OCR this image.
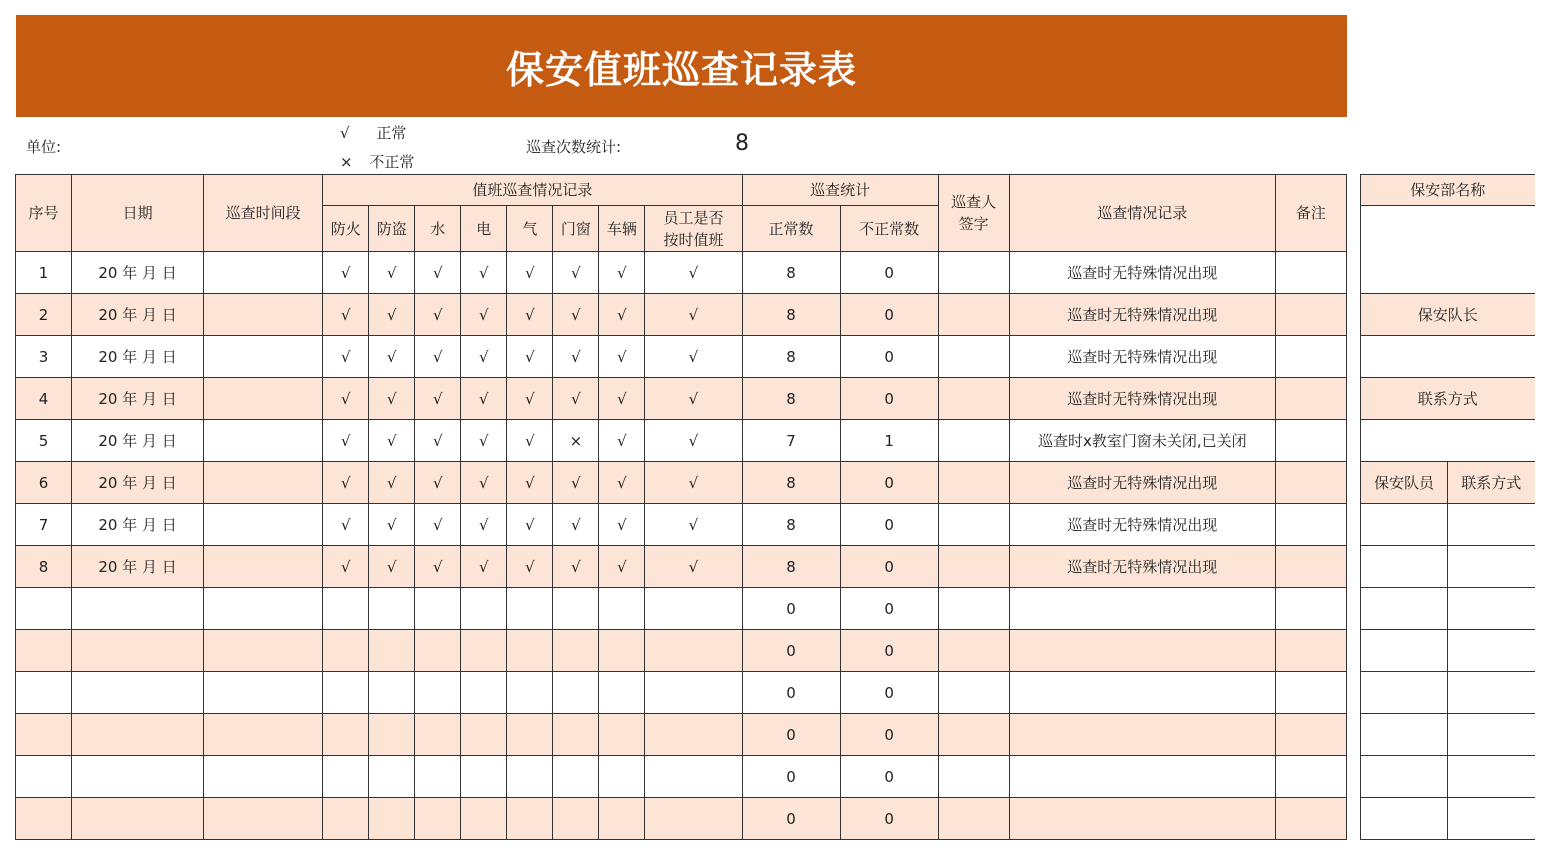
保安值班巡查记录表
单位:
√ 正常
× 不正常
巡查次数统计:	8
序号	日期	巡查时间段	值班巡查情况记录								巡查统计		巡查人签字	巡查情况记录	备注
			防火	防盗	水	电	气	门窗	车辆	员工是否按时值班	正常数	不正常数			
1	20 年 月 日		√	√	√	√	√	√	√	√	8	0		巡查时无特殊情况出现	
2	20 年 月 日		√	√	√	√	√	√	√	√	8	0		巡查时无特殊情况出现	
3	20 年 月 日		√	√	√	√	√	√	√	√	8	0		巡查时无特殊情况出现	
4	20 年 月 日		√	√	√	√	√	√	√	√	8	0		巡查时无特殊情况出现	
5	20 年 月 日		√	√	√	√	√	×	√	√	7	1		巡查时x教室门窗未关闭,已关闭	
6	20 年 月 日		√	√	√	√	√	√	√	√	8	0		巡查时无特殊情况出现	
7	20 年 月 日		√	√	√	√	√	√	√	√	8	0		巡查时无特殊情况出现	
8	20 年 月 日		√	√	√	√	√	√	√	√	8	0		巡查时无特殊情况出现	
											0	0			
											0	0			
											0	0			
											0	0			
											0	0			
											0	0			
保安部名称	

保安队长	

联系方式	

保安队员	联系方式
